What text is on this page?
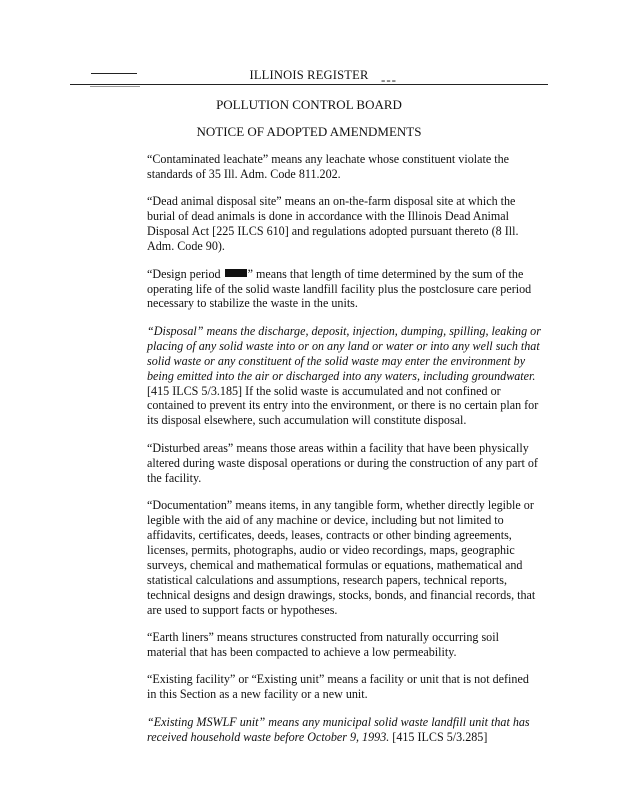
ILLINOIS REGISTER ---
POLLUTION CONTROL BOARD
NOTICE OF ADOPTED AMENDMENTS

“Contaminated leachate” means any leachate whose constituent violate the standards of 35 Ill. Adm. Code 811.202.

“Dead animal disposal site” means an on-the-farm disposal site at which the burial of dead animals is done in accordance with the Illinois Dead Animal Disposal Act [225 ILCS 610] and regulations adopted pursuant thereto (8 Ill. Adm. Code 90).

“Design period ” means that length of time determined by the sum of the operating life of the solid waste landfill facility plus the postclosure care period necessary to stabilize the waste in the units.

“Disposal” means the discharge, deposit, injection, dumping, spilling, leaking or placing of any solid waste into or on any land or water or into any well such that solid waste or any constituent of the solid waste may enter the environment by being emitted into the air or discharged into any waters, including groundwater. [415 ILCS 5/3.185] If the solid waste is accumulated and not confined or contained to prevent its entry into the environment, or there is no certain plan for its disposal elsewhere, such accumulation will constitute disposal.

“Disturbed areas” means those areas within a facility that have been physically altered during waste disposal operations or during the construction of any part of the facility.

“Documentation” means items, in any tangible form, whether directly legible or legible with the aid of any machine or device, including but not limited to affidavits, certificates, deeds, leases, contracts or other binding agreements, licenses, permits, photographs, audio or video recordings, maps, geographic surveys, chemical and mathematical formulas or equations, mathematical and statistical calculations and assumptions, research papers, technical reports, technical designs and design drawings, stocks, bonds, and financial records, that are used to support facts or hypotheses.

“Earth liners” means structures constructed from naturally occurring soil material that has been compacted to achieve a low permeability.

“Existing facility” or “Existing unit” means a facility or unit that is not defined in this Section as a new facility or a new unit.

“Existing MSWLF unit” means any municipal solid waste landfill unit that has received household waste before October 9, 1993. [415 ILCS 5/3.285]
